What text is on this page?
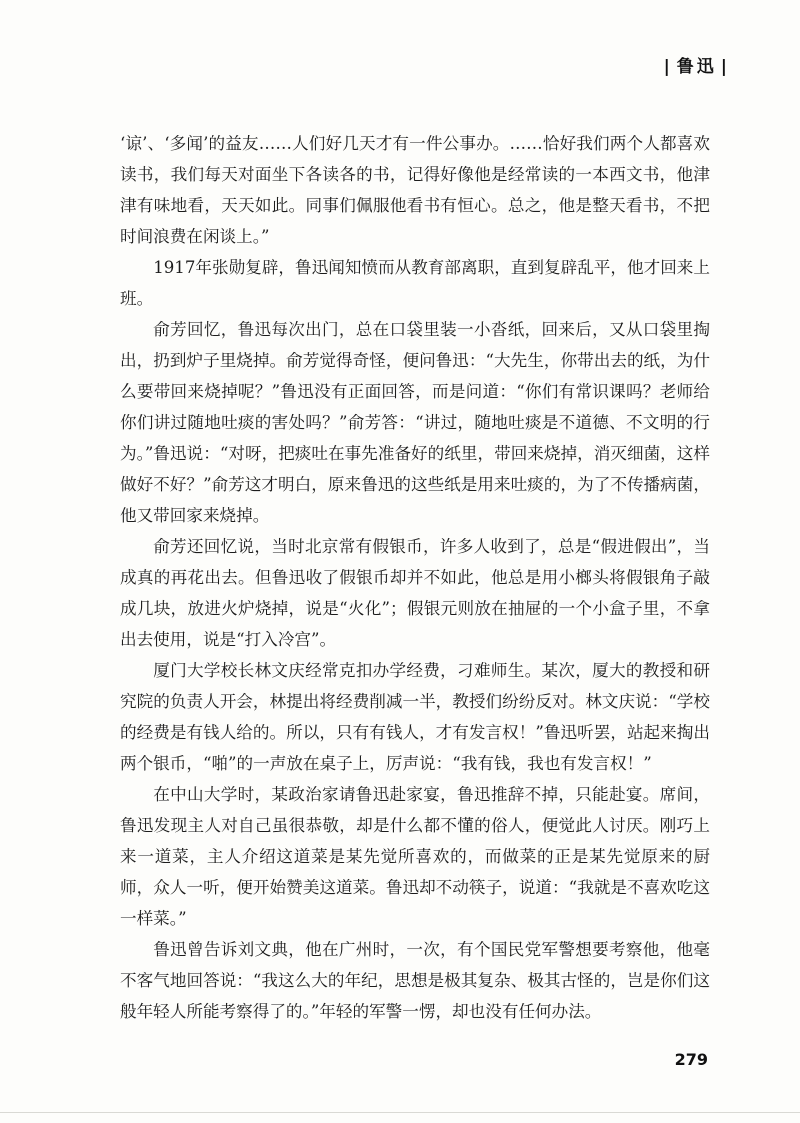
| 鲁迅 |

‘谅’、‘多闻’的益友……人们好几天才有一件公事办。……恰好我们两个人都喜欢读书，我们每天对面坐下各读各的书，记得好像他是经常读的一本西文书，他津津有味地看，天天如此。同事们佩服他看书有恒心。总之，他是整天看书，不把时间浪费在闲谈上。”

1917年张勋复辟，鲁迅闻知愤而从教育部离职，直到复辟乱平，他才回来上班。

俞芳回忆，鲁迅每次出门，总在口袋里装一小沓纸，回来后，又从口袋里掏出，扔到炉子里烧掉。俞芳觉得奇怪，便问鲁迅：“大先生，你带出去的纸，为什么要带回来烧掉呢？”鲁迅没有正面回答，而是问道：“你们有常识课吗？老师给你们讲过随地吐痰的害处吗？”俞芳答：“讲过，随地吐痰是不道德、不文明的行为。”鲁迅说：“对呀，把痰吐在事先准备好的纸里，带回来烧掉，消灭细菌，这样做好不好？”俞芳这才明白，原来鲁迅的这些纸是用来吐痰的，为了不传播病菌，他又带回家来烧掉。

俞芳还回忆说，当时北京常有假银币，许多人收到了，总是“假进假出”，当成真的再花出去。但鲁迅收了假银币却并不如此，他总是用小榔头将假银角子敲成几块，放进火炉烧掉，说是“火化”；假银元则放在抽屉的一个小盒子里，不拿出去使用，说是“打入冷宫”。

厦门大学校长林文庆经常克扣办学经费，刁难师生。某次，厦大的教授和研究院的负责人开会，林提出将经费削减一半，教授们纷纷反对。林文庆说：“学校的经费是有钱人给的。所以，只有有钱人，才有发言权！”鲁迅听罢，站起来掏出两个银币，“啪”的一声放在桌子上，厉声说：“我有钱，我也有发言权！”

在中山大学时，某政治家请鲁迅赴家宴，鲁迅推辞不掉，只能赴宴。席间，鲁迅发现主人对自己虽很恭敬，却是什么都不懂的俗人，便觉此人讨厌。刚巧上来一道菜，主人介绍这道菜是某先觉所喜欢的，而做菜的正是某先觉原来的厨师，众人一听，便开始赞美这道菜。鲁迅却不动筷子，说道：“我就是不喜欢吃这一样菜。”

鲁迅曾告诉刘文典，他在广州时，一次，有个国民党军警想要考察他，他毫不客气地回答说：“我这么大的年纪，思想是极其复杂、极其古怪的，岂是你们这般年轻人所能考察得了的。”年轻的军警一愣，却也没有任何办法。

279
